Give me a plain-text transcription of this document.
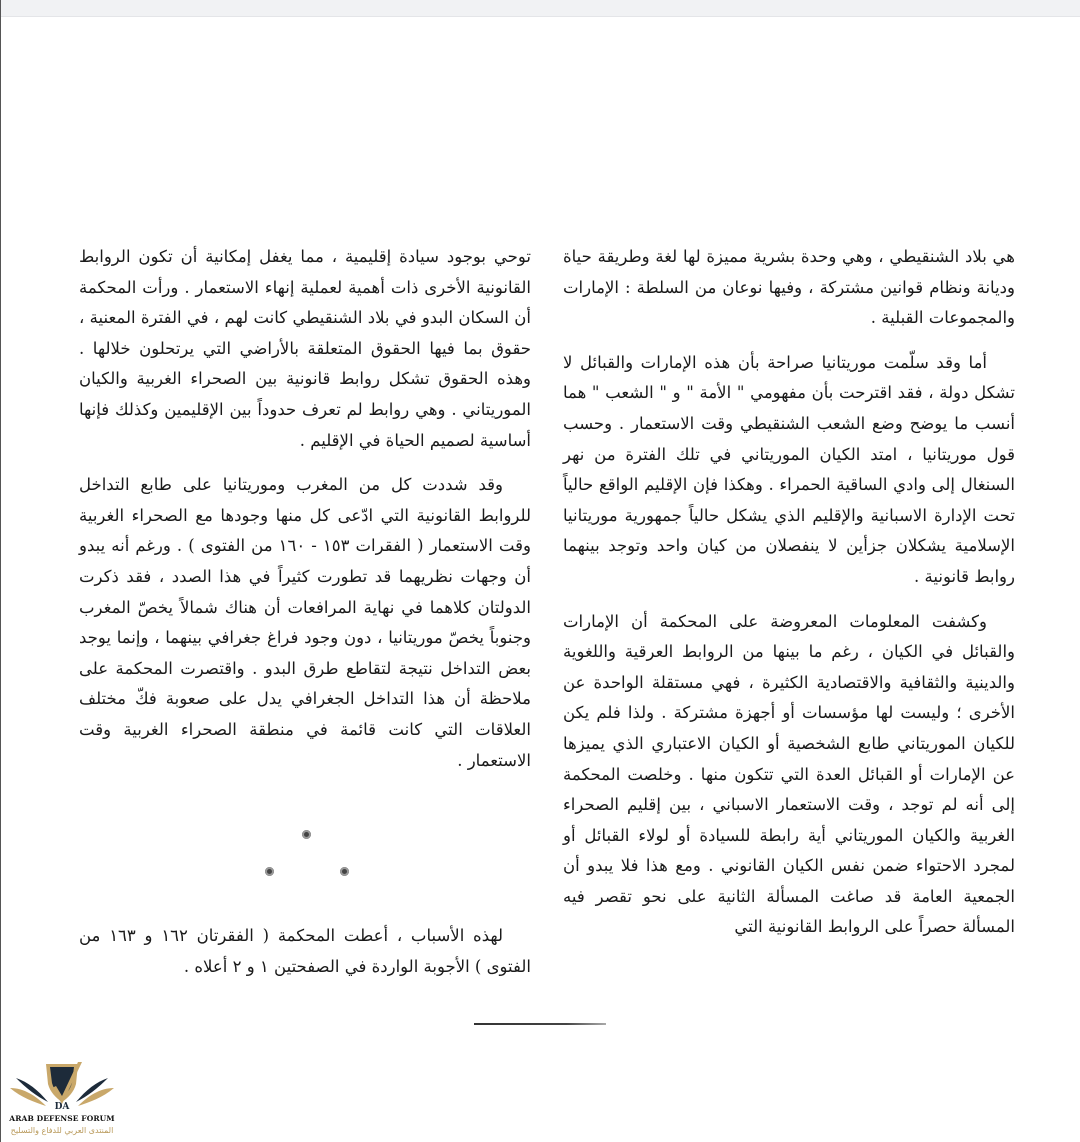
هي بلاد الشنقيطي ، وهي وحدة بشرية مميزة لها لغة وطريقة حياة وديانة ونظام قوانين مشتركة ، وفيها نوعان من السلطة : الإمارات والمجموعات القبلية .

أما وقد سلّمت موريتانيا صراحة بأن هذه الإمارات والقبائل لا تشكل دولة ، فقد اقترحت بأن مفهومي " الأمة " و " الشعب " هما أنسب ما يوضح وضع الشعب الشنقيطي وقت الاستعمار . وحسب قول موريتانيا ، امتد الكيان الموريتاني في تلك الفترة من نهر السنغال إلى وادي الساقية الحمراء . وهكذا فإن الإقليم الواقع حالياً تحت الإدارة الاسبانية والإقليم الذي يشكل حالياً جمهورية موريتانيا الإسلامية يشكلان جزأين لا ينفصلان من كيان واحد وتوجد بينهما روابط قانونية .

وكشفت المعلومات المعروضة على المحكمة أن الإمارات والقبائل في الكيان ، رغم ما بينها من الروابط العرقية واللغوية والدينية والثقافية والاقتصادية الكثيرة ، فهي مستقلة الواحدة عن الأخرى ؛ وليست لها مؤسسات أو أجهزة مشتركة . ولذا فلم يكن للكيان الموريتاني طابع الشخصية أو الكيان الاعتباري الذي يميزها عن الإمارات أو القبائل العدة التي تتكون منها . وخلصت المحكمة إلى أنه لم توجد ، وقت الاستعمار الاسباني ، بين إقليم الصحراء الغربية والكيان الموريتاني أية رابطة للسيادة أو لولاء القبائل أو لمجرد الاحتواء ضمن نفس الكيان القانوني . ومع هذا فلا يبدو أن الجمعية العامة قد صاغت المسألة الثانية على نحو تقصر فيه المسألة حصراً على الروابط القانونية التي

توحي بوجود سيادة إقليمية ، مما يغفل إمكانية أن تكون الروابط القانونية الأخرى ذات أهمية لعملية إنهاء الاستعمار . ورأت المحكمة أن السكان البدو في بلاد الشنقيطي كانت لهم ، في الفترة المعنية ، حقوق بما فيها الحقوق المتعلقة بالأراضي التي يرتحلون خلالها . وهذه الحقوق تشكل روابط قانونية بين الصحراء الغربية والكيان الموريتاني . وهي روابط لم تعرف حدوداً بين الإقليمين وكذلك فإنها أساسية لصميم الحياة في الإقليم .

وقد شددت كل من المغرب وموريتانيا على طابع التداخل للروابط القانونية التي ادّعى كل منها وجودها مع الصحراء الغربية وقت الاستعمار ( الفقرات ١٥٣ - ١٦٠ من الفتوى ) . ورغم أنه يبدو أن وجهات نظريهما قد تطورت كثيراً في هذا الصدد ، فقد ذكرت الدولتان كلاهما في نهاية المرافعات أن هناك شمالاً يخصّ المغرب وجنوباً يخصّ موريتانيا ، دون وجود فراغ جغرافي بينهما ، وإنما يوجد بعض التداخل نتيجة لتقاطع طرق البدو . واقتصرت المحكمة على ملاحظة أن هذا التداخل الجغرافي يدل على صعوبة فكّ مختلف العلاقات التي كانت قائمة في منطقة الصحراء الغربية وقت الاستعمار .

لهذه الأسباب ، أعطت المحكمة ( الفقرتان ١٦٢ و ١٦٣ من الفتوى ) الأجوبة الواردة في الصفحتين ١ و ٢ أعلاه .

DA
ARAB DEFENSE FORUM
المنتدى العربي للدفاع والتسليح
